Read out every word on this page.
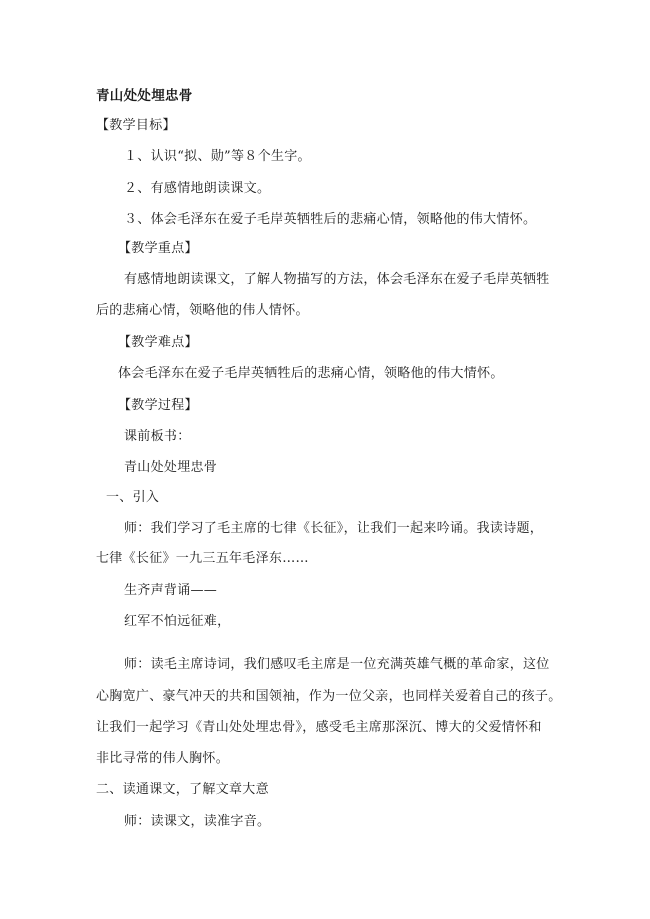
青山处处埋忠骨
【教学目标】
１、认识“拟、勋”等８个生字。
２、有感情地朗读课文。
３、体会毛泽东在爱子毛岸英牺牲后的悲痛心情，领略他的伟大情怀。
【教学重点】
有感情地朗读课文，了解人物描写的方法，体会毛泽东在爱子毛岸英牺牲
后的悲痛心情，领略他的伟人情怀。
【教学难点】
体会毛泽东在爱子毛岸英牺牲后的悲痛心情，领略他的伟大情怀。
【教学过程】
课前板书：
青山处处埋忠骨
一、引入
师：我们学习了毛主席的七律《长征》，让我们一起来吟诵。我读诗题，
七律《长征》一九三五年毛泽东……
生齐声背诵——
红军不怕远征难，
师：读毛主席诗词，我们感叹毛主席是一位充满英雄气概的革命家，这位
心胸宽广、豪气冲天的共和国领袖，作为一位父亲，也同样关爱着自己的孩子。
让我们一起学习《青山处处埋忠骨》，感受毛主席那深沉、博大的父爱情怀和
非比寻常的伟人胸怀。
二、读通课文，了解文章大意
师：读课文，读准字音。
